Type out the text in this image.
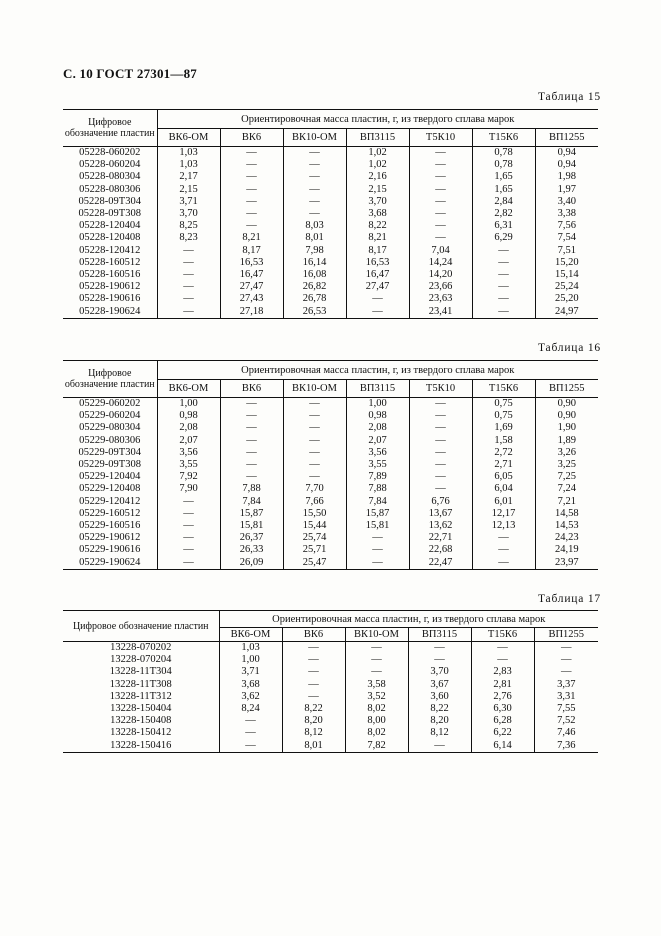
С. 10 ГОСТ 27301—87
Таблица 15
Цифровое обозначение пластин	Ориентировочная масса пластин, г, из твердого сплава марок						
	ВК6-ОМ	ВК6	ВК10-ОМ	ВП3115	Т5К10	Т15К6	ВП1255
05228-060202	1,03	—	—	1,02	—	0,78	0,94
05228-060204	1,03	—	—	1,02	—	0,78	0,94
05228-080304	2,17	—	—	2,16	—	1,65	1,98
05228-080306	2,15	—	—	2,15	—	1,65	1,97
05228-09Т304	3,71	—	—	3,70	—	2,84	3,40
05228-09Т308	3,70	—	—	3,68	—	2,82	3,38
05228-120404	8,25	—	8,03	8,22	—	6,31	7,56
05228-120408	8,23	8,21	8,01	8,21	—	6,29	7,54
05228-120412	—	8,17	7,98	8,17	7,04	—	7,51
05228-160512	—	16,53	16,14	16,53	14,24	—	15,20
05228-160516	—	16,47	16,08	16,47	14,20	—	15,14
05228-190612	—	27,47	26,82	27,47	23,66	—	25,24
05228-190616	—	27,43	26,78	—	23,63	—	25,20
05228-190624	—	27,18	26,53	—	23,41	—	24,97
Таблица 16
Цифровое обозначение пластин	Ориентировочная масса пластин, г, из твердого сплава марок						
	ВК6-ОМ	ВК6	ВК10-ОМ	ВП3115	Т5К10	Т15К6	ВП1255
05229-060202	1,00	—	—	1,00	—	0,75	0,90
05229-060204	0,98	—	—	0,98	—	0,75	0,90
05229-080304	2,08	—	—	2,08	—	1,69	1,90
05229-080306	2,07	—	—	2,07	—	1,58	1,89
05229-09Т304	3,56	—	—	3,56	—	2,72	3,26
05229-09Т308	3,55	—	—	3,55	—	2,71	3,25
05229-120404	7,92	—	—	7,89	—	6,05	7,25
05229-120408	7,90	7,88	7,70	7,88	—	6,04	7,24
05229-120412	—	7,84	7,66	7,84	6,76	6,01	7,21
05229-160512	—	15,87	15,50	15,87	13,67	12,17	14,58
05229-160516	—	15,81	15,44	15,81	13,62	12,13	14,53
05229-190612	—	26,37	25,74	—	22,71	—	24,23
05229-190616	—	26,33	25,71	—	22,68	—	24,19
05229-190624	—	26,09	25,47	—	22,47	—	23,97
Таблица 17
Цифровое обозначение пластин	Ориентировочная масса пластин, г, из твердого сплава марок					
	ВК6-ОМ	ВК6	ВК10-ОМ	ВП3115	Т15К6	ВП1255
13228-070202	1,03	—	—	—	—	—
13228-070204	1,00	—	—	—	—	—
13228-11Т304	3,71	—	—	3,70	2,83	—
13228-11Т308	3,68	—	3,58	3,67	2,81	3,37
13228-11Т312	3,62	—	3,52	3,60	2,76	3,31
13228-150404	8,24	8,22	8,02	8,22	6,30	7,55
13228-150408	—	8,20	8,00	8,20	6,28	7,52
13228-150412	—	8,12	8,02	8,12	6,22	7,46
13228-150416	—	8,01	7,82	—	6,14	7,36
